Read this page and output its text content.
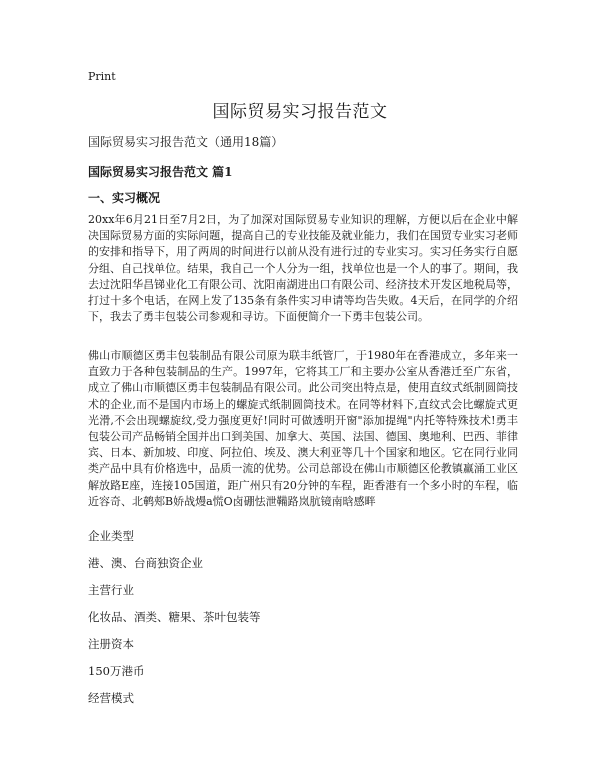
Print
国际贸易实习报告范文
国际贸易实习报告范文（通用18篇）
国际贸易实习报告范文 篇1
一、实习概况
20xx年6月21日至7月2日，为了加深对国际贸易专业知识的理解，方便以后在企业中解决国际贸易方面的实际问题，提高自己的专业技能及就业能力，我们在国贸专业实习老师的安排和指导下，用了两周的时间进行以前从没有进行过的专业实习。实习任务实行自愿分组、自己找单位。结果，我自己一个人分为一组，找单位也是一个人的事了。期间，我去过沈阳华昌锑业化工有限公司、沈阳南湖进出口有限公司、经济技术开发区地税局等，打过十多个电话，在网上发了135条有条件实习申请等均告失败。4天后，在同学的介绍下，我去了勇丰包装公司参观和寻访。下面便简介一下勇丰包装公司。
佛山市顺德区勇丰包装制品有限公司原为联丰纸管厂，于1980年在香港成立，多年来一直致力于各种包装制品的生产。1997年，它将其工厂和主要办公室从香港迁至广东省，成立了佛山市顺德区勇丰包装制品有限公司。此公司突出特点是，使用直纹式纸制圆筒技术的企业,而不是国内市场上的螺旋式纸制圆筒技术。在同等材料下,直纹式会比螺旋式更光滑,不会出现螺旋纹,受力强度更好!同时可做透明开窗"添加提绳"内托等特殊技术!勇丰包装公司产品畅销全国并出口到美国、加拿大、英国、法国、德国、奥地利、巴西、菲律宾、日本、新加坡、印度、阿拉伯、埃及、澳大利亚等几十个国家和地区。它在同行业同类产品中具有价格选中，品质一流的优势。公司总部设在佛山市顺德区伦教镇羸涌工业区解放路E座，连接105国道，距广州只有20分钟的车程，距香港有一个多小时的车程，临近容奇、北鹌郏B娇战熳a慌O卤硼怯泄鞴路岚肮镜南晗感畔
企业类型
港、澳、台商独资企业
主营行业
化妆品、酒类、糖果、茶叶包装等
注册资本
150万港币
经营模式
